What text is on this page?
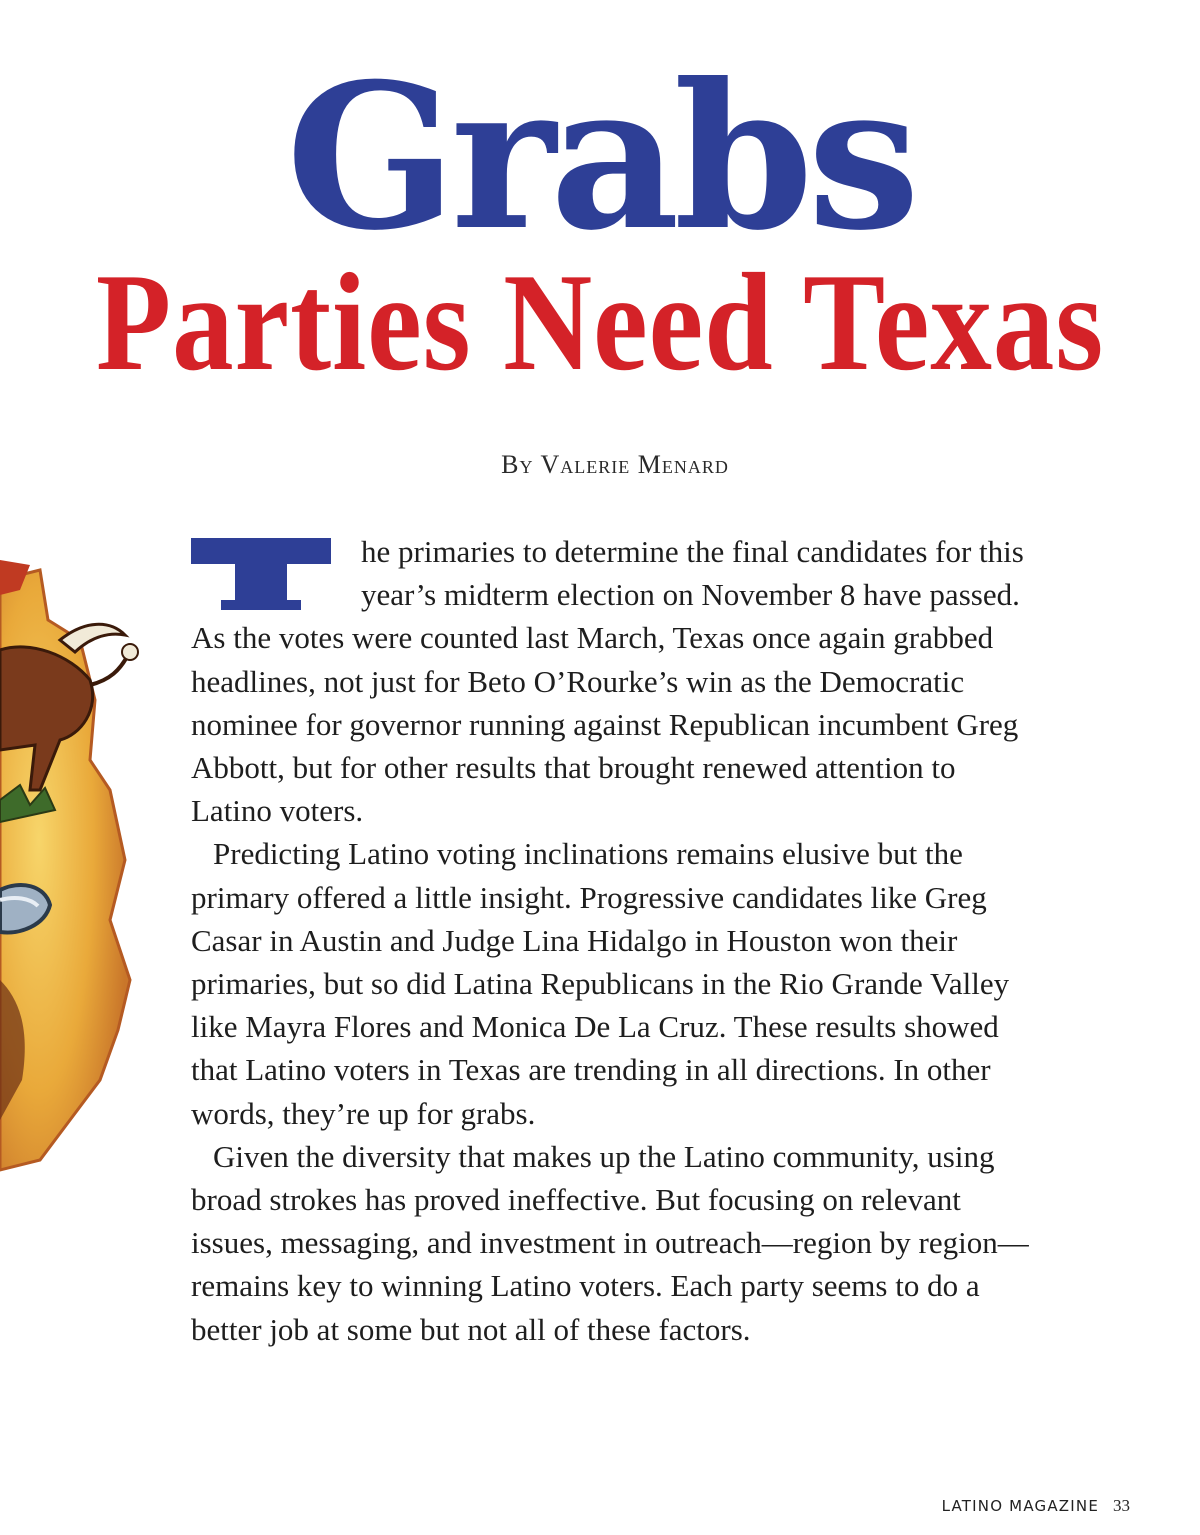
Grabs
Parties Need Texas
By Valerie Menard

he primaries to determine the final candidates for this year’s midterm election on November 8 have passed. As the votes were counted last March, Texas once again grabbed headlines, not just for Beto O’Rourke’s win as the Democratic nominee for governor running against Republican incumbent Greg Abbott, but for other results that brought renewed attention to Latino voters.

Predicting Latino voting inclinations remains elusive but the primary offered a little insight. Progressive candidates like Greg Casar in Austin and Judge Lina Hidalgo in Houston won their primaries, but so did Latina Republicans in the Rio Grande Valley like Mayra Flores and Monica De La Cruz. These results showed that Latino voters in Texas are trending in all directions. In other words, they’re up for grabs.

Given the diversity that makes up the Latino community, using broad strokes has proved ineffective. But focusing on relevant issues, messaging, and investment in outreach—region by region—remains key to winning Latino voters. Each party seems to do a better job at some but not all of these factors.

LATINO MAGAZINE 33
